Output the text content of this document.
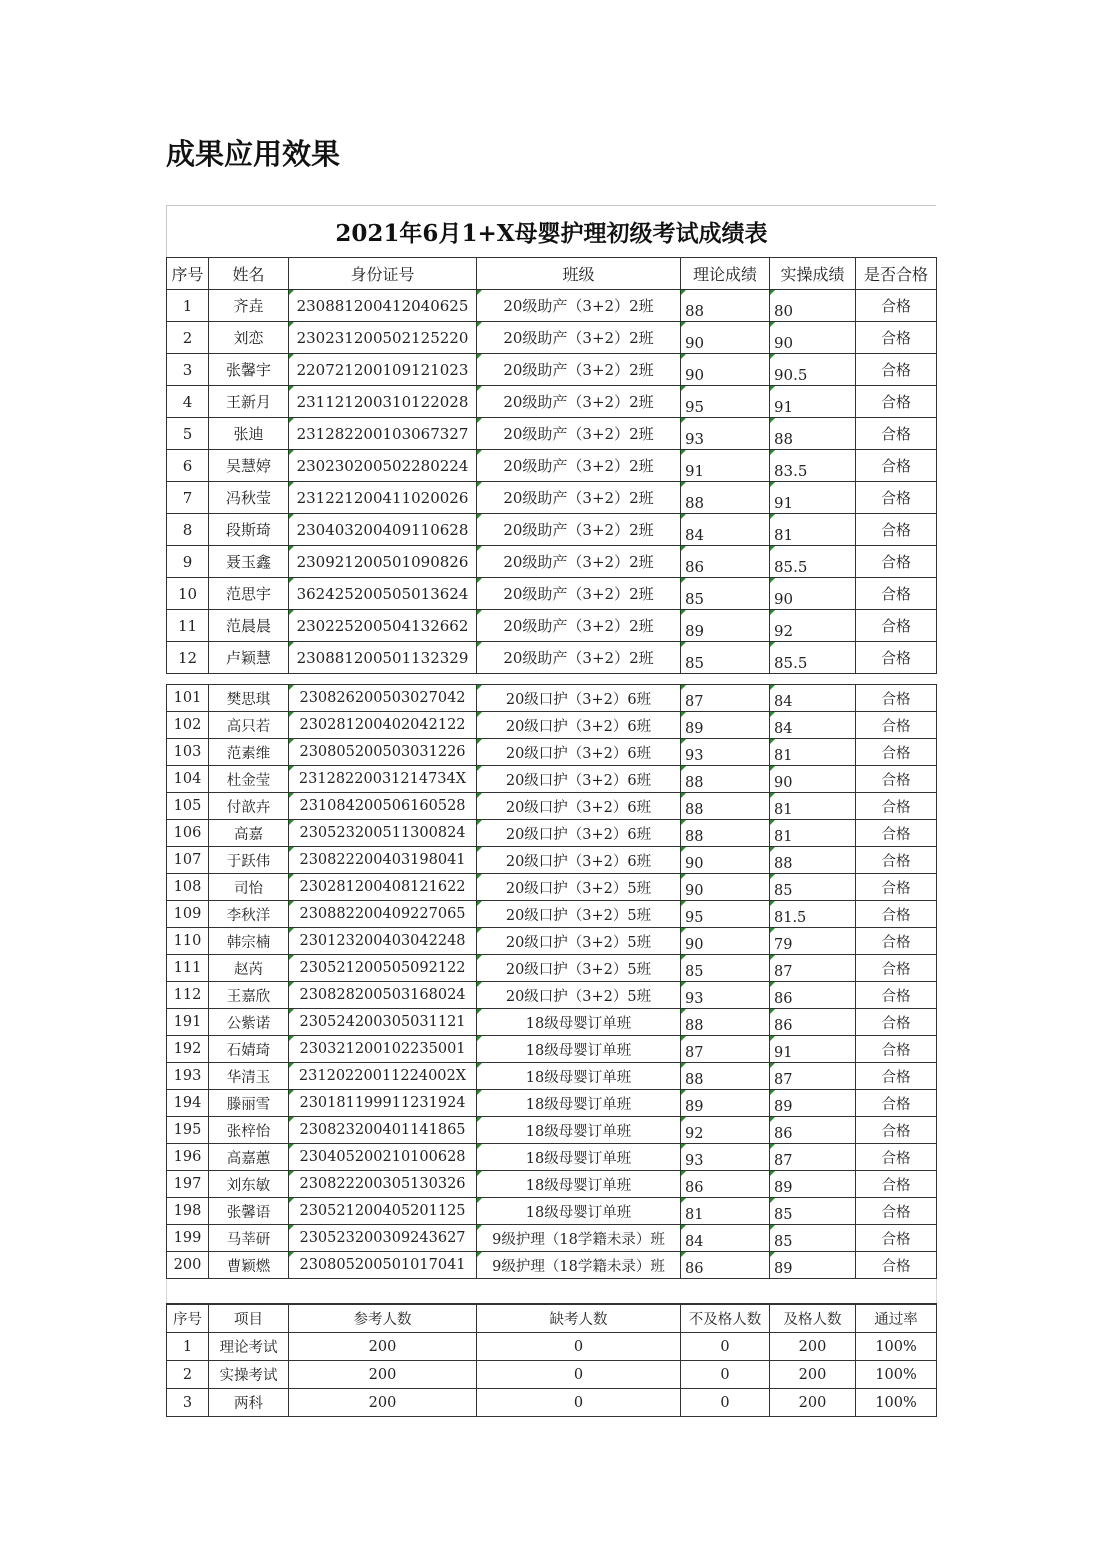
成果应用效果
2021年6月1+X母婴护理初级考试成绩表
序号	姓名	身份证号	班级	理论成绩	实操成绩	是否合格
1	齐垚	230881200412040625	20级助产（3+2）2班	88	80	合格
2	刘恋	230231200502125220	20级助产（3+2）2班	90	90	合格
3	张馨宇	220721200109121023	20级助产（3+2）2班	90	90.5	合格
4	王新月	231121200310122028	20级助产（3+2）2班	95	91	合格
5	张迪	231282200103067327	20级助产（3+2）2班	93	88	合格
6	吴慧婷	230230200502280224	20级助产（3+2）2班	91	83.5	合格
7	冯秋莹	231221200411020026	20级助产（3+2）2班	88	91	合格
8	段斯琦	230403200409110628	20级助产（3+2）2班	84	81	合格
9	聂玉鑫	230921200501090826	20级助产（3+2）2班	86	85.5	合格
10	范思宇	362425200505013624	20级助产（3+2）2班	85	90	合格
11	范晨晨	230225200504132662	20级助产（3+2）2班	89	92	合格
12	卢颖慧	230881200501132329	20级助产（3+2）2班	85	85.5	合格

101	樊思琪	230826200503027042	20级口护（3+2）6班	87	84	合格
102	高只若	230281200402042122	20级口护（3+2）6班	89	84	合格
103	范素维	230805200503031226	20级口护（3+2）6班	93	81	合格
104	杜金莹	23128220031214734X	20级口护（3+2）6班	88	90	合格
105	付歆卉	231084200506160528	20级口护（3+2）6班	88	81	合格
106	高嘉	230523200511300824	20级口护（3+2）6班	88	81	合格
107	于跃伟	230822200403198041	20级口护（3+2）6班	90	88	合格
108	司怡	230281200408121622	20级口护（3+2）5班	90	85	合格
109	李秋洋	230882200409227065	20级口护（3+2）5班	95	81.5	合格
110	韩宗楠	230123200403042248	20级口护（3+2）5班	90	79	合格
111	赵芮	230521200505092122	20级口护（3+2）5班	85	87	合格
112	王嘉欣	230828200503168024	20级口护（3+2）5班	93	86	合格
191	公紫诺	230524200305031121	18级母婴订单班	88	86	合格
192	石婧琦	230321200102235001	18级母婴订单班	87	91	合格
193	华清玉	23120220011224002X	18级母婴订单班	88	87	合格
194	滕丽雪	230181199911231924	18级母婴订单班	89	89	合格
195	张梓怡	230823200401141865	18级母婴订单班	92	86	合格
196	高嘉蕙	230405200210100628	18级母婴订单班	93	87	合格
197	刘东敏	230822200305130326	18级母婴订单班	86	89	合格
198	张馨语	230521200405201125	18级母婴订单班	81	85	合格
199	马莘研	230523200309243627	9级护理（18学籍未录）班	84	85	合格
200	曹颖燃	230805200501017041	9级护理（18学籍未录）班	86	89	合格

序号	项目	参考人数	缺考人数	不及格人数	及格人数	通过率
1	理论考试	200	0	0	200	100%
2	实操考试	200	0	0	200	100%
3	两科	200	0	0	200	100%
